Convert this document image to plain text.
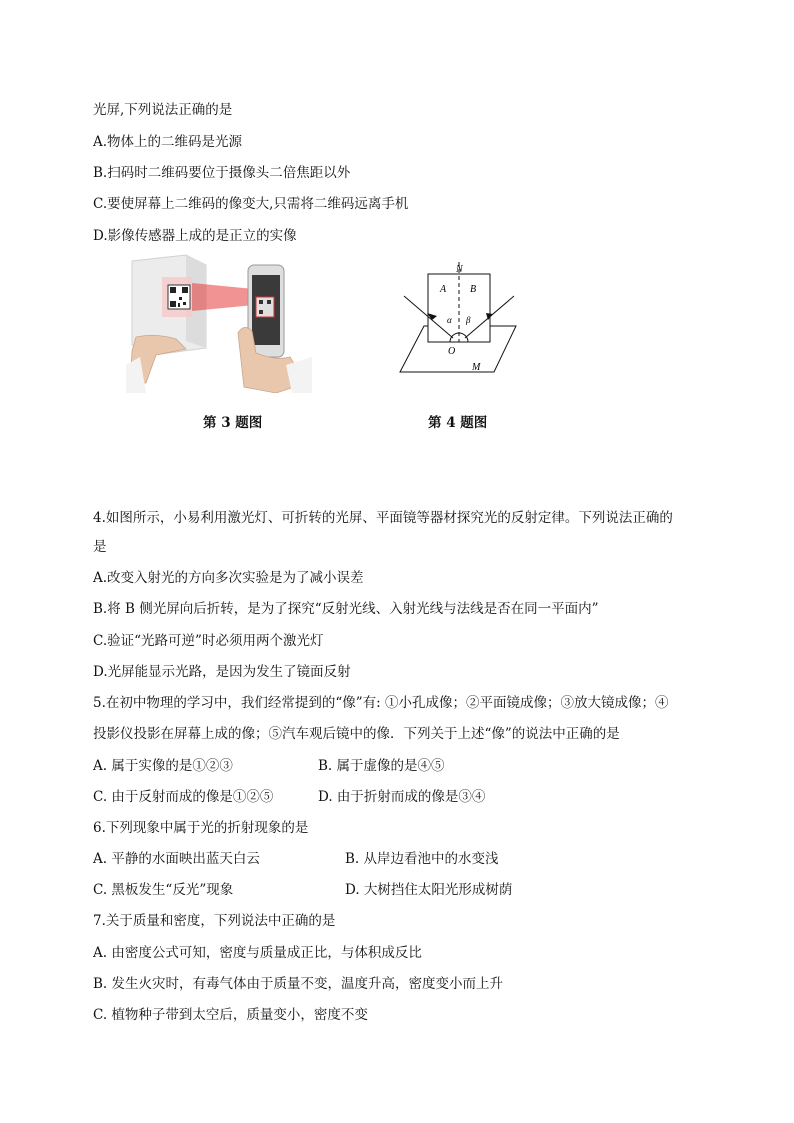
光屏,下列说法正确的是
A.物体上的二维码是光源
B.扫码时二维码要位于摄像头二倍焦距以外
C.要使屏幕上二维码的像变大,只需将二维码远离手机
D.影像传感器上成的是正立的实像
第 3 题图
N
A B
α β
O
M
第 4 题图
4.如图所示，小易利用激光灯、可折转的光屏、平面镜等器材探究光的反射定律。下列说法正确的
是
A.改变入射光的方向多次实验是为了减小误差
B.将 B 侧光屏向后折转，是为了探究“反射光线、入射光线与法线是否在同一平面内”
C.验证“光路可逆”时必须用两个激光灯
D.光屏能显示光路，是因为发生了镜面反射
5.在初中物理的学习中，我们经常提到的“像”有: ①小孔成像；②平面镜成像；③放大镜成像；④
投影仪投影在屏幕上成的像；⑤汽车观后镜中的像．下列关于上述“像”的说法中正确的是
A. 属于实像的是①②③	B. 属于虚像的是④⑤
C. 由于反射而成的像是①②⑤	D. 由于折射而成的像是③④
6.下列现象中属于光的折射现象的是
A. 平静的水面映出蓝天白云	B. 从岸边看池中的水变浅
C. 黑板发生“反光”现象	D. 大树挡住太阳光形成树荫
7.关于质量和密度，下列说法中正确的是
A. 由密度公式可知，密度与质量成正比，与体积成反比
B. 发生火灾时，有毒气体由于质量不变，温度升高，密度变小而上升
C. 植物种子带到太空后，质量变小，密度不变
